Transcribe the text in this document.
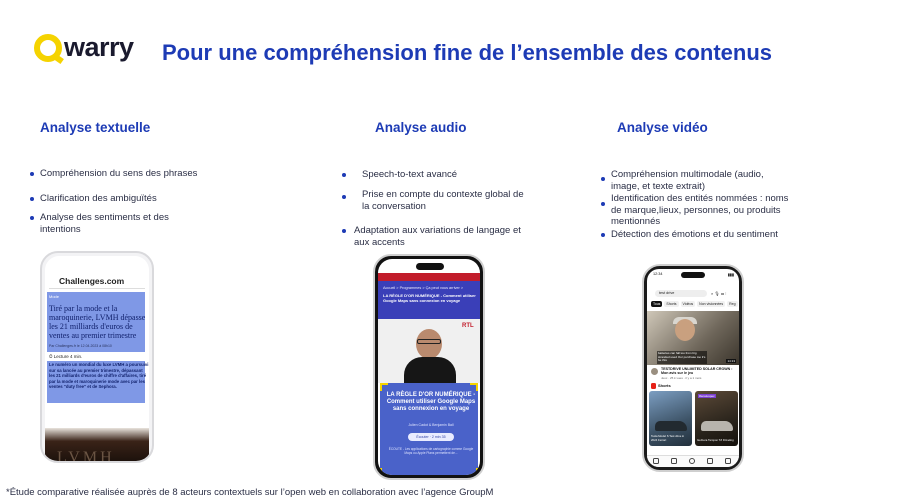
warry Pour une compréhension fine de l’ensemble des contenus
Analyse textuelle	Analyse audio	Analyse vidéo
Compréhension du sens des phrases
Clarification des ambiguïtés
Analyse des sentiments et des intentions
Speech-to-text avancé
Prise en compte du contexte global de la conversation
Adaptation aux variations de langage et aux accents
Compréhension multimodale (audio, image, et texte extrait)
Identification des entités nommées : noms de marque,lieux, personnes, ou produits mentionnés
Détection des émotions et du sentiment
Challenges.com
Mode
Tiré par la mode et la maroquinerie, LVMH dépasse les 21 milliards d'euros de ventes au premier trimestre
Par Challenges.fr le 12.04.2023 à 08h10
⏱ Lecture 4 min.
Le numéro un mondial du luxe LVMH a poursuivi sur sa lancée au premier trimestre, dépassant les 21 milliards d'euros de chiffre d'affaires, tiré par la mode et maroquinerie mode avec par les ventes "duty free" et de Sephora.
LVMH
Accueil > Programmes > Ça peut vous arriver >
LA RÈGLE D'OR NUMÉRIQUE - Comment utiliser Google Maps sans connexion en voyage
RTL
LA RÈGLE D'OR NUMÉRIQUE - Comment utiliser Google Maps sans connexion en voyage
Julien Cadot & Benjamin Ball
Écouter · 2 min 35
ÉCOUTE - Les applications de cartographie comme Google Maps ou Apple Plans permettent de...
12:34	▮▮▮
test drive	⌕ 🎙 ▭ ⋮
Tous Shorts Vidéos Non visionnées Reg
batteries can fall too from big stranded used Our purchase too it's be this	14:13
TESTDRIVE UNLIMITED SOLAR CROWN : Mon avis sur le jeu
Jeux · 25 k vues · il y a 1 mois
Shorts
Tesla Model S Test drive in 2024 Ferrari
#teratuspec
Gerbera Tampon TZ Driveling
*Étude comparative réalisée auprès de 8 acteurs contextuels sur l’open web en collaboration avec l’agence GroupM
